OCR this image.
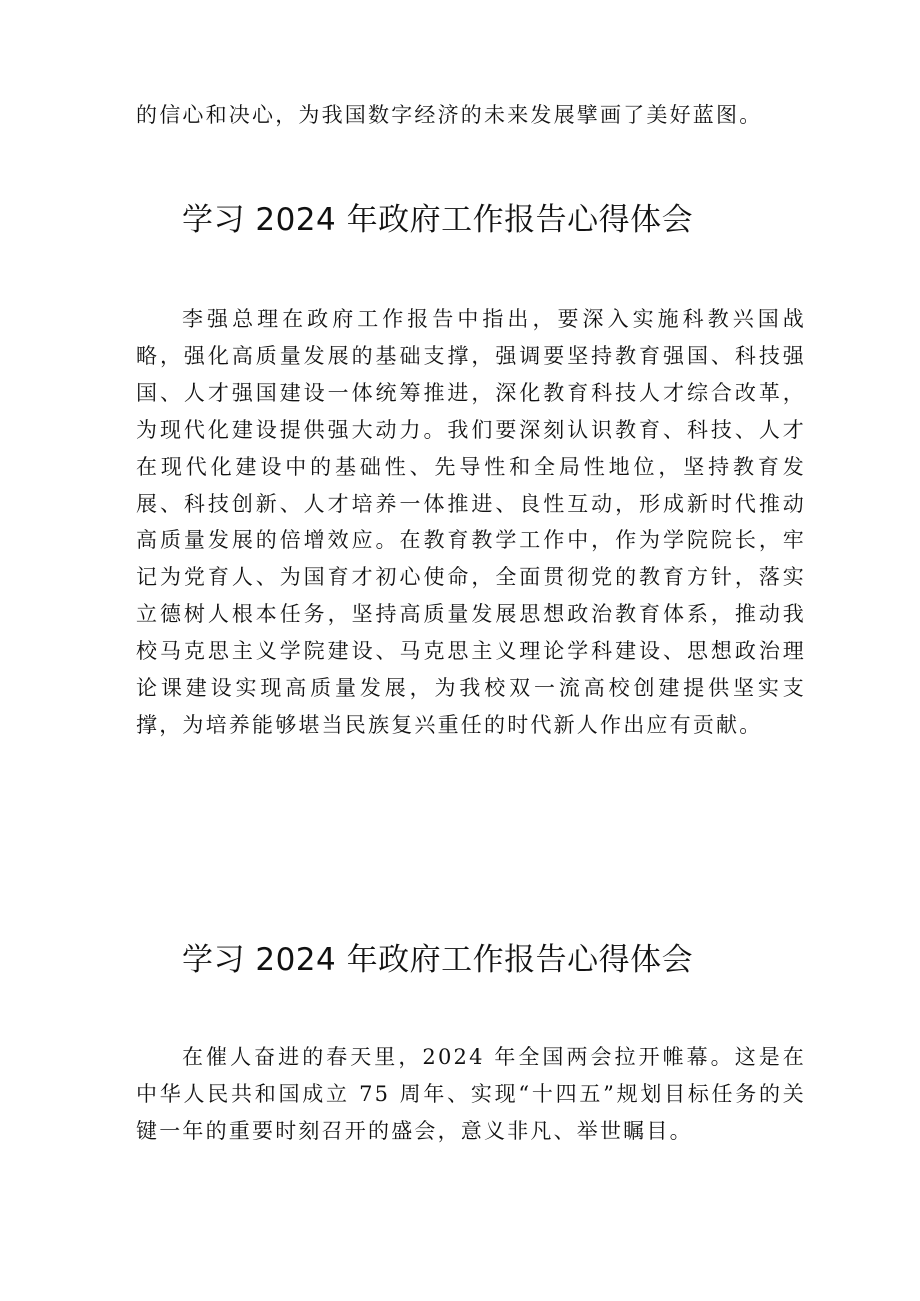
的信心和决心，为我国数字经济的未来发展擘画了美好蓝图。

学习 2024 年政府工作报告心得体会

李强总理在政府工作报告中指出，要深入实施科教兴国战略，强化高质量发展的基础支撑，强调要坚持教育强国、科技强国、人才强国建设一体统筹推进，深化教育科技人才综合改革，为现代化建设提供强大动力。我们要深刻认识教育、科技、人才在现代化建设中的基础性、先导性和全局性地位，坚持教育发展、科技创新、人才培养一体推进、良性互动，形成新时代推动高质量发展的倍增效应。在教育教学工作中，作为学院院长，牢记为党育人、为国育才初心使命，全面贯彻党的教育方针，落实立德树人根本任务，坚持高质量发展思想政治教育体系，推动我校马克思主义学院建设、马克思主义理论学科建设、思想政治理论课建设实现高质量发展，为我校双一流高校创建提供坚实支撑，为培养能够堪当民族复兴重任的时代新人作出应有贡献。

学习 2024 年政府工作报告心得体会

在催人奋进的春天里，2024 年全国两会拉开帷幕。这是在中华人民共和国成立 75 周年、实现“十四五”规划目标任务的关键一年的重要时刻召开的盛会，意义非凡、举世瞩目。
